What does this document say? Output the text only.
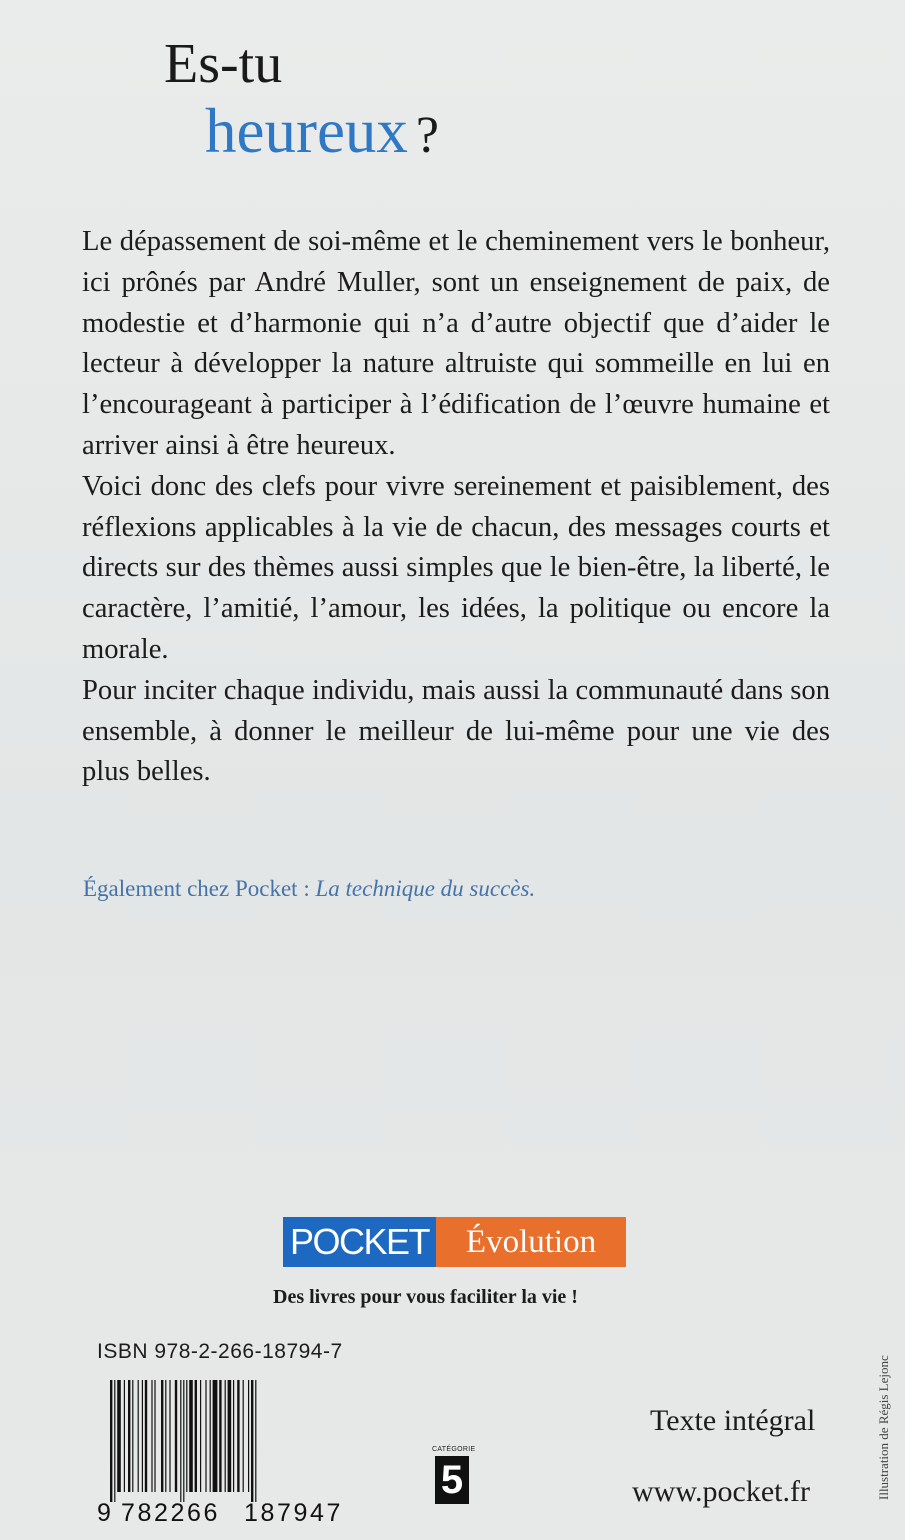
Es-tu
heureux ?

Le dépassement de soi-même et le cheminement vers le bonheur, ici prônés par André Muller, sont un enseignement de paix, de modestie et d’harmonie qui n’a d’autre objectif que d’aider le lecteur à développer la nature altruiste qui sommeille en lui en l’encourageant à participer à l’édification de l’œuvre humaine et arriver ainsi à être heureux.

Voici donc des clefs pour vivre sereinement et paisiblement, des réflexions applicables à la vie de chacun, des messages courts et directs sur des thèmes aussi simples que le bien-être, la liberté, le caractère, l’amitié, l’amour, les idées, la politique ou encore la morale.

Pour inciter chaque individu, mais aussi la communauté dans son ensemble, à donner le meilleur de lui-même pour une vie des plus belles.

Également chez Pocket : La technique du succès.
POCKET	Évolution
Des livres pour vous faciliter la vie !
ISBN 978-2-266-18794-7
9 782266 187947
CATÉGORIE
5
Texte intégral
www.pocket.fr	Illustration de Régis Lejonc
